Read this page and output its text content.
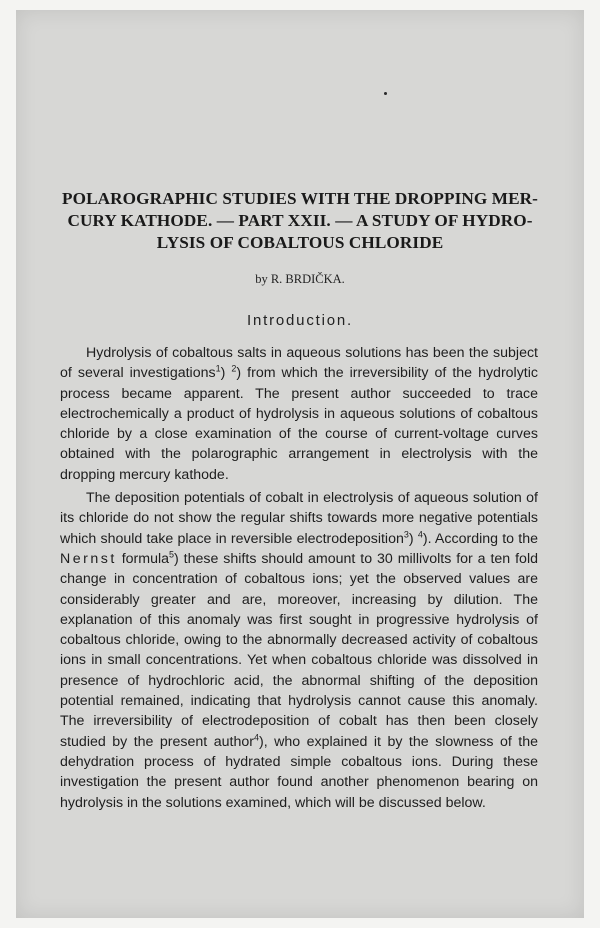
POLAROGRAPHIC STUDIES WITH THE DROPPING MER-
CURY KATHODE. — PART XXII. — A STUDY OF HYDRO-
LYSIS OF COBALTOUS CHLORIDE
by R. BRDIČKA.
Introduction.

Hydrolysis of cobaltous salts in aqueous solutions has been the subject of several investigations$^1$) $^2$) from which the irreversibility of the hydrolytic process became apparent. The present author succeeded to trace electrochemically a product of hydrolysis in aqueous solutions of cobaltous chloride by a close examination of the course of current-voltage curves obtained with the polarographic arrangement in electrolysis with the dropping mercury kathode.

The deposition potentials of cobalt in electrolysis of aqueous solution of its chloride do not show the regular shifts towards more negative potentials which should take place in reversible electrodeposition$^3$) $^4$). According to the Nernst formula$^5$) these shifts should amount to 30 millivolts for a ten fold change in concentration of cobaltous ions; yet the observed values are considerably greater and are, moreover, increasing by dilution. The explanation of this anomaly was first sought in progressive hydrolysis of cobaltous chloride, owing to the abnormally decreased activity of cobaltous ions in small concentrations. Yet when cobaltous chloride was dissolved in presence of hydrochloric acid, the abnormal shifting of the deposition potential remained, indicating that hydrolysis cannot cause this anomaly. The irreversibility of electrodeposition of cobalt has then been closely studied by the present author$^4$), who explained it by the slowness of the dehydration process of hydrated simple cobaltous ions. During these investigation the present author found another phenomenon bearing on hydrolysis in the solutions examined, which will be discussed below.
